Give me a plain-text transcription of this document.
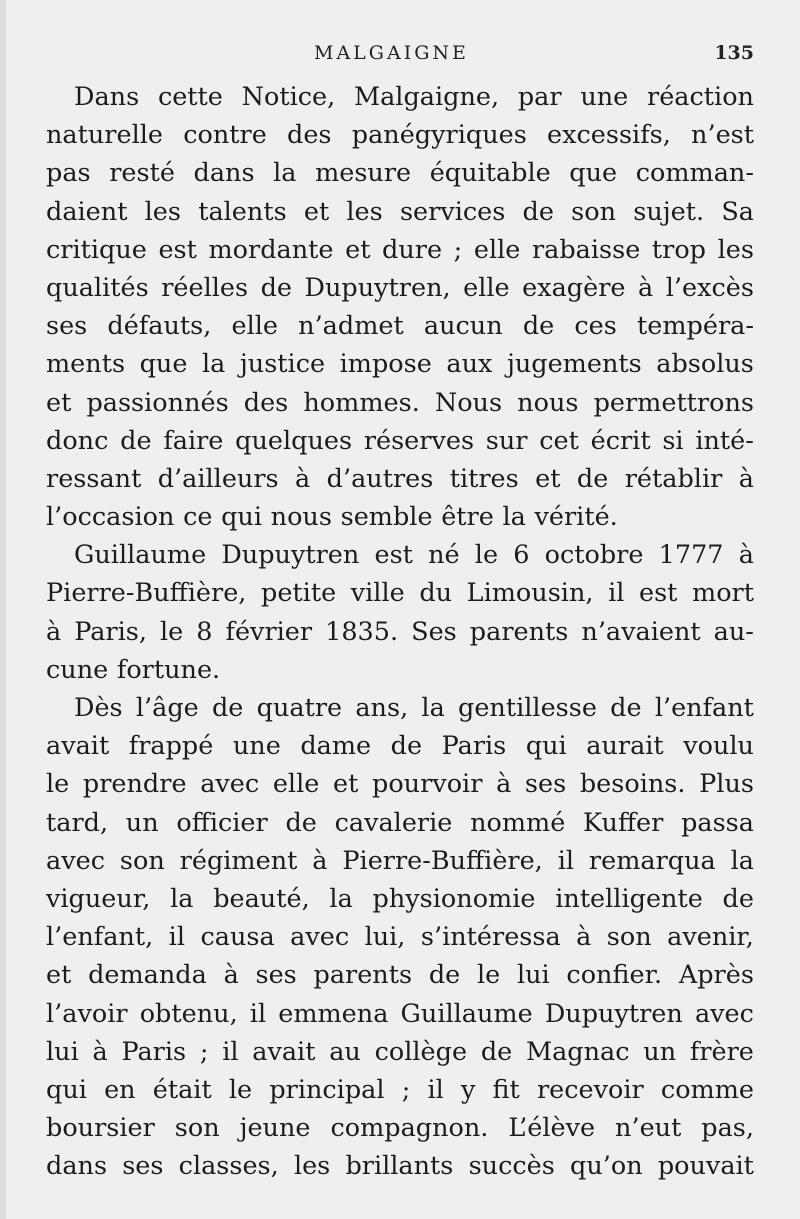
MALGAIGNE	135
Dans cette Notice, Malgaigne, par une réaction
naturelle contre des panégyriques excessifs, n’est
pas resté dans la mesure équitable que comman-
daient les talents et les services de son sujet. Sa
critique est mordante et dure ; elle rabaisse trop les
qualités réelles de Dupuytren, elle exagère à l’excès
ses défauts, elle n’admet aucun de ces tempéra-
ments que la justice impose aux jugements absolus
et passionnés des hommes. Nous nous permettrons
donc de faire quelques réserves sur cet écrit si inté-
ressant d’ailleurs à d’autres titres et de rétablir à
l’occasion ce qui nous semble être la vérité.
Guillaume Dupuytren est né le 6 octobre 1777 à
Pierre-Buffière, petite ville du Limousin, il est mort
à Paris, le 8 février 1835. Ses parents n’avaient au-
cune fortune.
Dès l’âge de quatre ans, la gentillesse de l’enfant
avait frappé une dame de Paris qui aurait voulu
le prendre avec elle et pourvoir à ses besoins. Plus
tard, un officier de cavalerie nommé Kuffer passa
avec son régiment à Pierre-Buffière, il remarqua la
vigueur, la beauté, la physionomie intelligente de
l’enfant, il causa avec lui, s’intéressa à son avenir,
et demanda à ses parents de le lui confier. Après
l’avoir obtenu, il emmena Guillaume Dupuytren avec
lui à Paris ; il avait au collège de Magnac un frère
qui en était le principal ; il y fit recevoir comme
boursier son jeune compagnon. L’élève n’eut pas,
dans ses classes, les brillants succès qu’on pouvait
